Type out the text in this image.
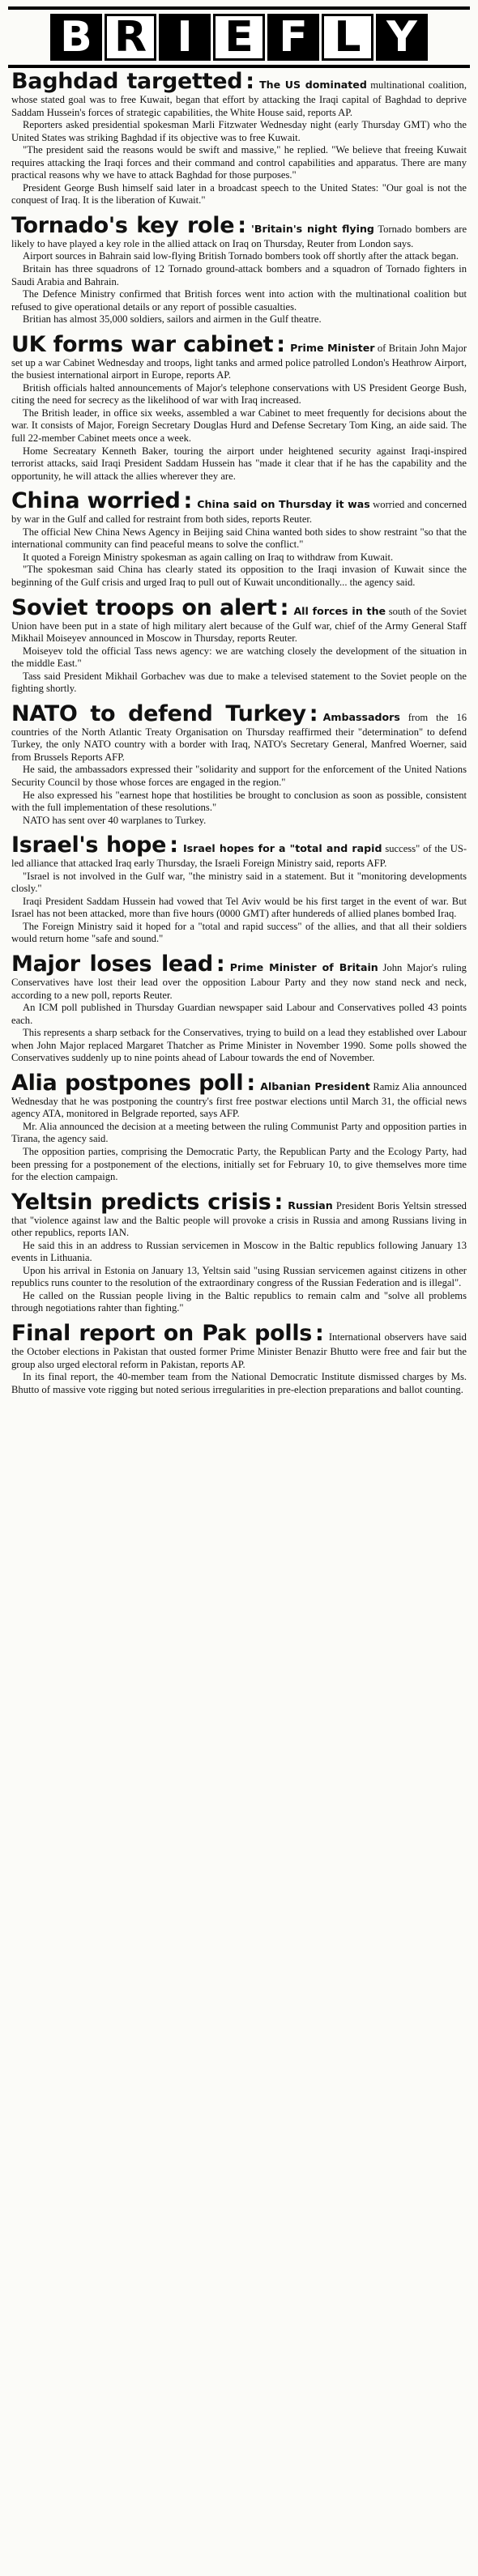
B R I E F L Y

Baghdad targetted : The US dominated multinational coalition, whose stated goal was to free Kuwait, began that effort by attacking the Iraqi capital of Baghdad to deprive Saddam Hussein's forces of strategic capabilities, the White House said, reports AP.

Reporters asked presidential spokesman Marli Fitzwater Wednesday night (early Thursday GMT) who the United States was striking Baghdad if its objective was to free Kuwait.

"The president said the reasons would be swift and massive," he replied. "We believe that freeing Kuwait requires attacking the Iraqi forces and their command and control capabilities and apparatus. There are many practical reasons why we have to attack Baghdad for those purposes."

President George Bush himself said later in a broadcast speech to the United States: "Our goal is not the conquest of Iraq. It is the liberation of Kuwait."

Tornado's key role : 'Britain's night flying Tornado bombers are likely to have played a key role in the allied attack on Iraq on Thursday, Reuter from London says.

Airport sources in Bahrain said low-flying British Tornado bombers took off shortly after the attack began.

Britain has three squadrons of 12 Tornado ground-attack bombers and a squadron of Tornado fighters in Saudi Arabia and Bahrain.

The Defence Ministry confirmed that British forces went into action with the multinational coalition but refused to give operational details or any report of possible casualties.

Britian has almost 35,000 soldiers, sailors and airmen in the Gulf theatre.

UK forms war cabinet : Prime Minister of Britain John Major set up a war Cabinet Wednesday and troops, light tanks and armed police patrolled London's Heathrow Airport, the busiest international airport in Europe, reports AP.

British officials halted announcements of Major's telephone conservations with US President George Bush, citing the need for secrecy as the likelihood of war with Iraq increased.

The British leader, in office six weeks, assembled a war Cabinet to meet frequently for decisions about the war. It consists of Major, Foreign Secretary Douglas Hurd and Defense Secretary Tom King, an aide said. The full 22-member Cabinet meets once a week.

Home Secreatary Kenneth Baker, touring the airport under heightened security against Iraqi-inspired terrorist attacks, said Iraqi President Saddam Hussein has "made it clear that if he has the capability and the opportunity, he will attack the allies wherever they are.

China worried : China said on Thursday it was worried and concerned by war in the Gulf and called for restraint from both sides, reports Reuter.

The official New China News Agency in Beijing said China wanted both sides to show restraint "so that the international community can find peaceful means to solve the conflict."

It quoted a Foreign Ministry spokesman as again calling on Iraq to withdraw from Kuwait.

"The spokesman said China has clearly stated its opposition to the Iraqi invasion of Kuwait since the beginning of the Gulf crisis and urged Iraq to pull out of Kuwait unconditionally... the agency said.

Soviet troops on alert : All forces in the south of the Soviet Union have been put in a state of high military alert because of the Gulf war, chief of the Army General Staff Mikhail Moiseyev announced in Moscow in Thursday, reports Reuter.

Moiseyev told the official Tass news agency: we are watching closely the development of the situation in the middle East."

Tass said President Mikhail Gorbachev was due to make a televised statement to the Soviet people on the fighting shortly.

NATO to defend Turkey : Ambassadors from the 16 countries of the North Atlantic Treaty Organisation on Thursday reaffirmed their "determination" to defend Turkey, the only NATO country with a border with Iraq, NATO's Secretary General, Manfred Woerner, said from Brussels Reports AFP.

He said, the ambassadors expressed their "solidarity and support for the enforcement of the United Nations Security Council by those whose forces are engaged in the region."

He also expressed his "earnest hope that hostilities be brought to conclusion as soon as possible, consistent with the full implementation of these resolutions."

NATO has sent over 40 warplanes to Turkey.

Israel's hope : Israel hopes for a "total and rapid success" of the US-led alliance that attacked Iraq early Thursday, the Israeli Foreign Ministry said, reports AFP.

"Israel is not involved in the Gulf war, "the ministry said in a statement. But it "monitoring developments closly."

Iraqi President Saddam Hussein had vowed that Tel Aviv would be his first target in the event of war. But Israel has not been attacked, more than five hours (0000 GMT) after hundereds of allied planes bombed Iraq.

The Foreign Ministry said it hoped for a "total and rapid success" of the allies, and that all their soldiers would return home "safe and sound."

Major loses lead : Prime Minister of Britain John Major's ruling Conservatives have lost their lead over the opposition Labour Party and they now stand neck and neck, according to a new poll, reports Reuter.

An ICM poll published in Thursday Guardian newspaper said Labour and Conservatives polled 43 points each.

This represents a sharp setback for the Conservatives, trying to build on a lead they established over Labour when John Major replaced Margaret Thatcher as Prime Minister in November 1990. Some polls showed the Conservatives suddenly up to nine points ahead of Labour towards the end of November.

Alia postpones poll : Albanian President Ramiz Alia announced Wednesday that he was postponing the country's first free postwar elections until March 31, the official news agency ATA, monitored in Belgrade reported, says AFP.

Mr. Alia announced the decision at a meeting between the ruling Communist Party and opposition parties in Tirana, the agency said.

The opposition parties, comprising the Democratic Party, the Republican Party and the Ecology Party, had been pressing for a postponement of the elections, initially set for February 10, to give themselves more time for the election campaign.

Yeltsin predicts crisis : Russian President Boris Yeltsin stressed that "violence against law and the Baltic people will provoke a crisis in Russia and among Russians living in other republics, reports IAN.

He said this in an address to Russian servicemen in Moscow in the Baltic republics following January 13 events in Lithuania.

Upon his arrival in Estonia on January 13, Yeltsin said "using Russian servicemen against citizens in other republics runs counter to the resolution of the extraordinary congress of the Russian Federation and is illegal".

He called on the Russian people living in the Baltic republics to remain calm and "solve all problems through negotiations rahter than fighting."

Final report on Pak polls : International observers have said the October elections in Pakistan that ousted former Prime Minister Benazir Bhutto were free and fair but the group also urged electoral reform in Pakistan, reports AP.

In its final report, the 40-member team from the National Democratic Institute dismissed charges by Ms. Bhutto of massive vote rigging but noted serious irregularities in pre-election preparations and ballot counting.
